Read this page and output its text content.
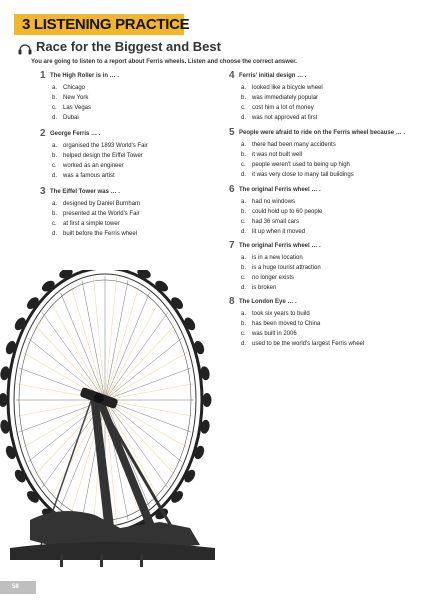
3 LISTENING PRACTICE
Race for the Biggest and Best
You are going to listen to a report about Ferris wheels. Listen and choose the correct answer.
1 The High Roller is in … .
a. Chicago
b. New York
c. Las Vegas
d. Dubai
2 George Ferris … .
a. organised the 1893 World's Fair
b. helped design the Eiffel Tower
c. worked as an engineer
d. was a famous artist
3 The Eiffel Tower was … .
a. designed by Daniel Burnham
b. presented at the World's Fair
c. at first a simple tower
d. built before the Ferris wheel
4 Ferris' initial design … .
a. looked like a bicycle wheel
b. was immediately popular
c. cost him a lot of money
d. was not approved at first
5 People were afraid to ride on the Ferris wheel because … .
a. there had been many accidents
b. it was not built well
c. people weren't used to being up high
d. it was very close to many tall buildings
6 The original Ferris wheel … .
a. had no windows
b. could hold up to 60 people
c. had 36 small cars
d. lit up when it moved
7 The original Ferris wheel … .
a. is in a new location
b. is a huge tourist attraction
c. no longer exists
d. is broken
8 The London Eye … .
a. took six years to build
b. has been moved to China
c. was built in 2006
d. used to be the world's largest Ferris wheel
58
